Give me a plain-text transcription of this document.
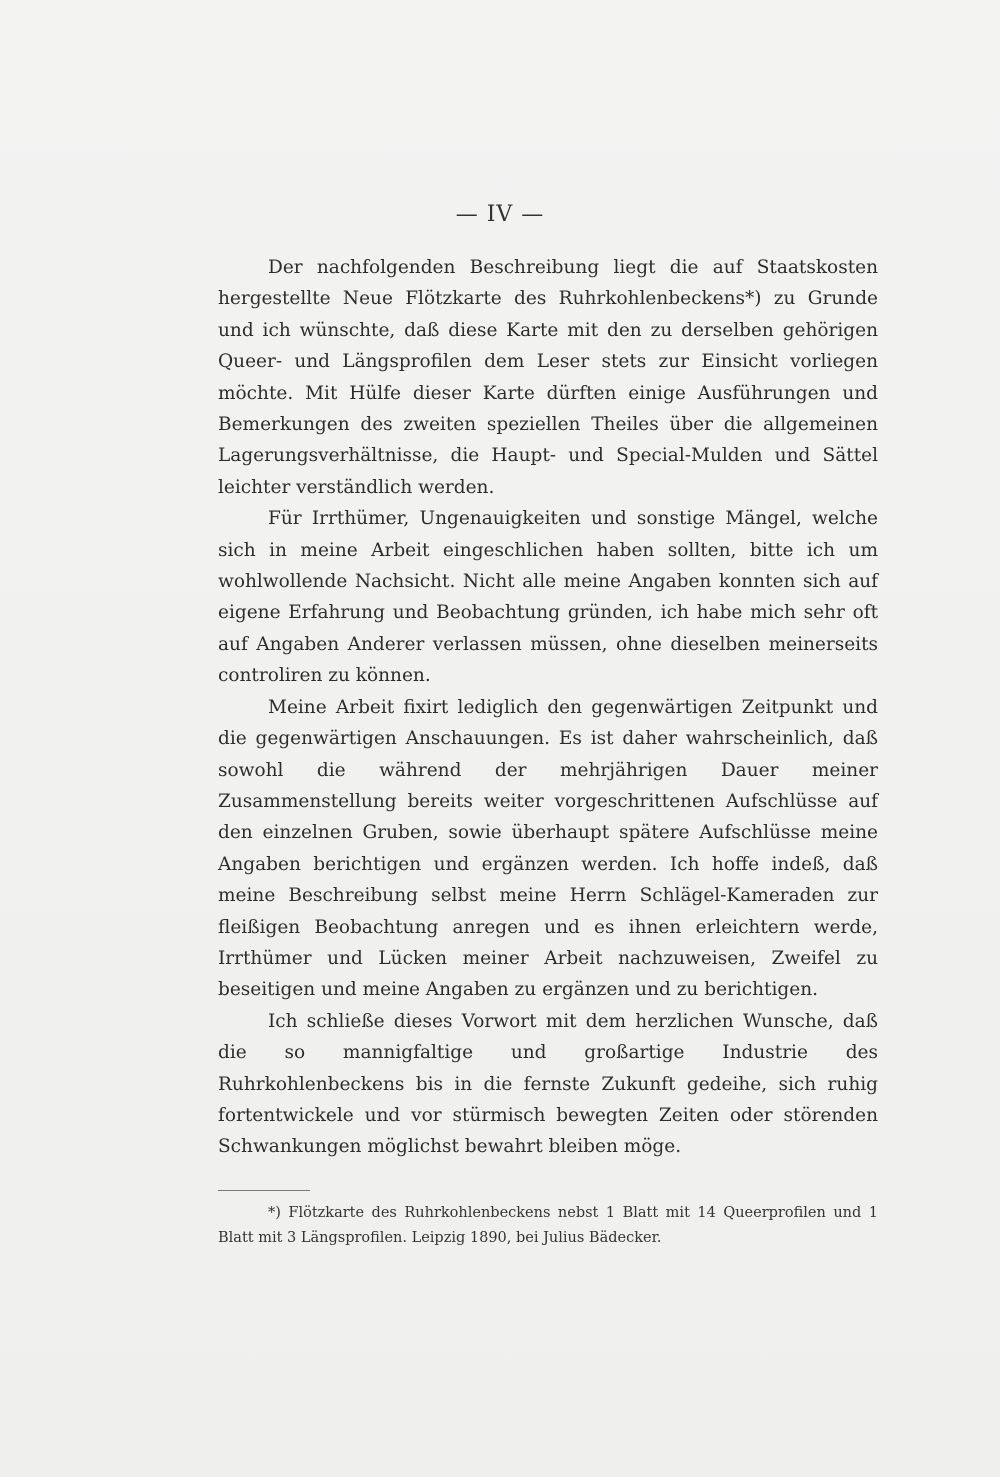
— IV —

Der nachfolgenden Beschreibung liegt die auf Staatskosten hergestellte Neue Flötzkarte des Ruhrkohlenbeckens*) zu Grunde und ich wünschte, daß diese Karte mit den zu derselben gehörigen Queer- und Längsprofilen dem Leser stets zur Einsicht vorliegen möchte. Mit Hülfe dieser Karte dürften einige Ausführungen und Bemerkungen des zweiten speziellen Theiles über die allgemeinen Lagerungsverhältnisse, die Haupt- und Special-Mulden und Sättel leichter verständlich werden.

Für Irrthümer, Ungenauigkeiten und sonstige Mängel, welche sich in meine Arbeit eingeschlichen haben sollten, bitte ich um wohlwollende Nachsicht. Nicht alle meine Angaben konnten sich auf eigene Erfahrung und Beobachtung gründen, ich habe mich sehr oft auf Angaben Anderer verlassen müssen, ohne dieselben meinerseits controliren zu können.

Meine Arbeit fixirt lediglich den gegenwärtigen Zeitpunkt und die gegenwärtigen Anschauungen. Es ist daher wahrscheinlich, daß sowohl die während der mehrjährigen Dauer meiner Zusammenstellung bereits weiter vorgeschrittenen Aufschlüsse auf den einzelnen Gruben, sowie überhaupt spätere Aufschlüsse meine Angaben berichtigen und ergänzen werden. Ich hoffe indeß, daß meine Beschreibung selbst meine Herrn Schlägel-Kameraden zur fleißigen Beobachtung anregen und es ihnen erleichtern werde, Irrthümer und Lücken meiner Arbeit nachzuweisen, Zweifel zu beseitigen und meine Angaben zu ergänzen und zu berichtigen.

Ich schließe dieses Vorwort mit dem herzlichen Wunsche, daß die so mannigfaltige und großartige Industrie des Ruhrkohlenbeckens bis in die fernste Zukunft gedeihe, sich ruhig fortentwickele und vor stürmisch bewegten Zeiten oder störenden Schwankungen möglichst bewahrt bleiben möge.

*) Flötzkarte des Ruhrkohlenbeckens nebst 1 Blatt mit 14 Queerprofilen und 1 Blatt mit 3 Längsprofilen. Leipzig 1890, bei Julius Bädecker.
